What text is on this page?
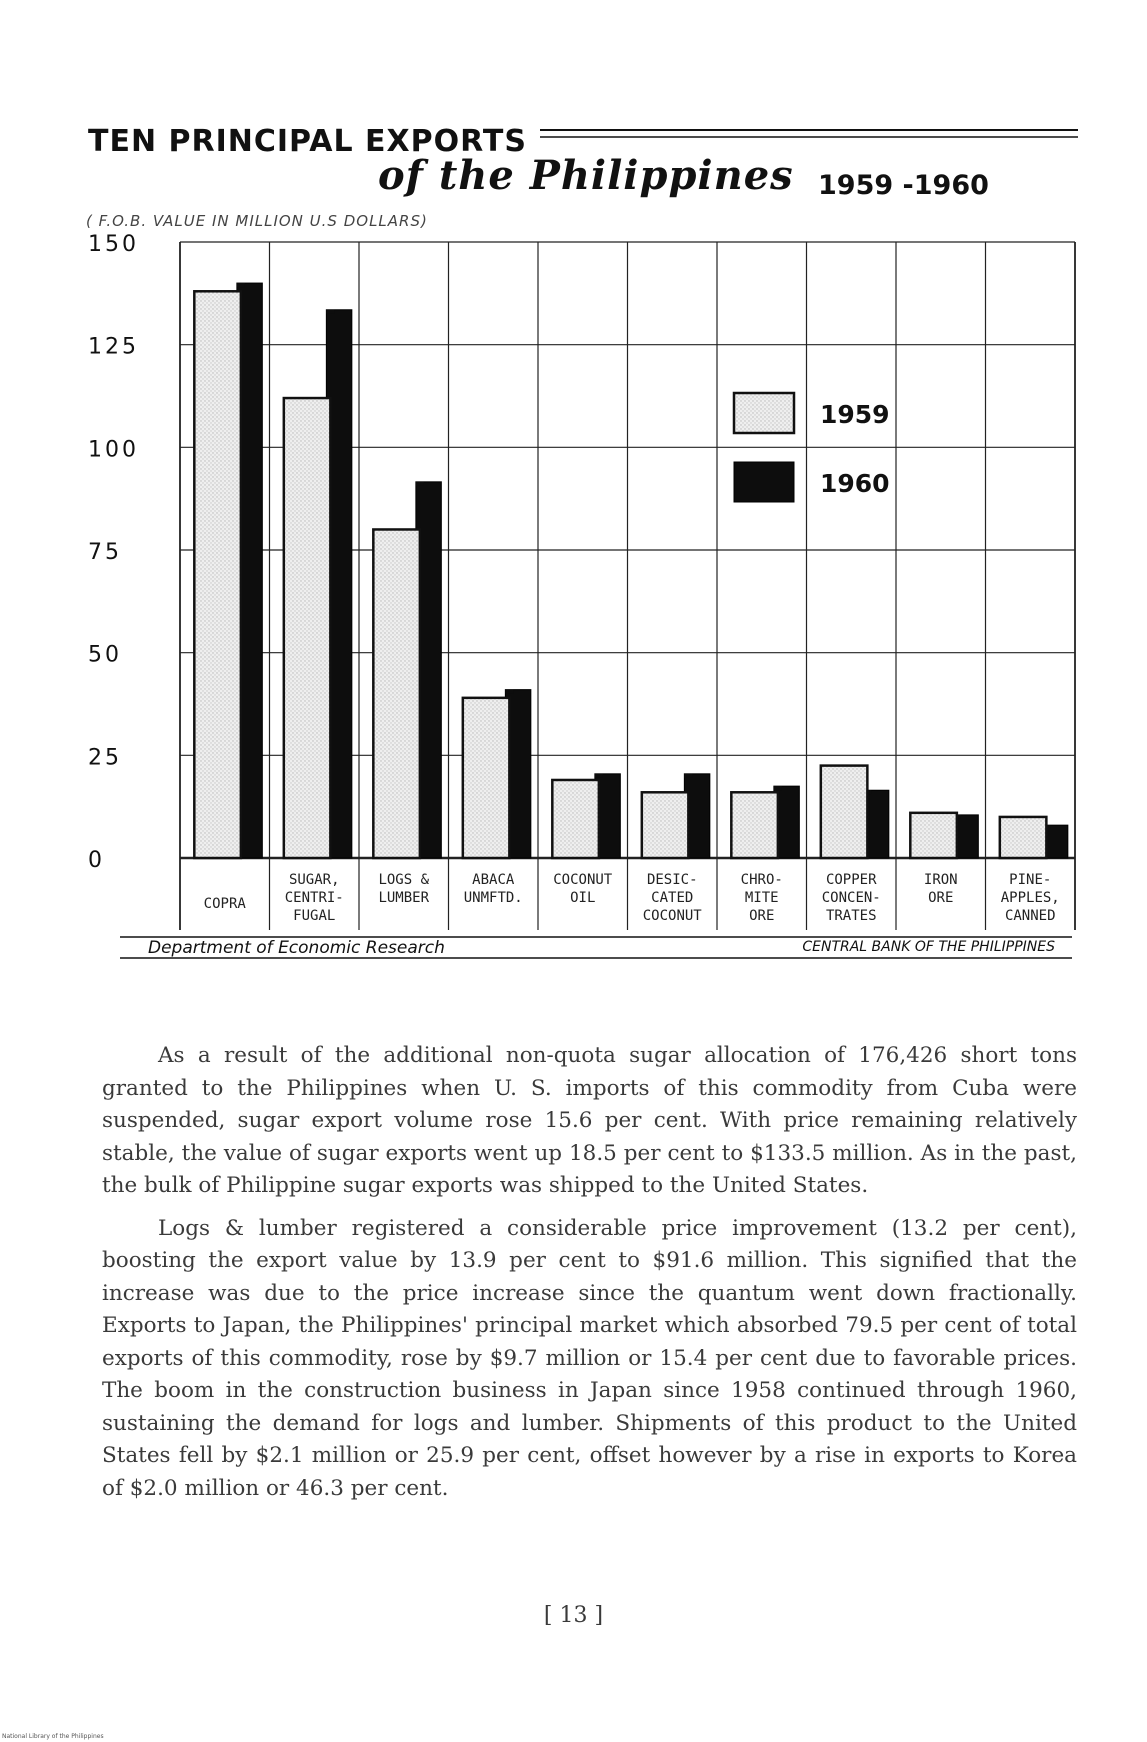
TEN PRINCIPAL EXPORTS
of the Philippines 1959 -1960
( F.O.B. VALUE IN MILLION U.S DOLLARS)
0
25
50
75
100
125
150
COPRA
SUGAR,
CENTRI-
FUGAL
LOGS &
LUMBER
ABACA
UNMFTD.
COCONUT
OIL
DESIC-
CATED
COCONUT
CHRO-
MITE
ORE
COPPER
CONCEN-
TRATES
IRON
ORE
PINE-
APPLES,
CANNED
1959
1960
Department of Economic Research	CENTRAL BANK OF THE PHILIPPINES

As a result of the additional non-quota sugar allocation of 176,426 short tons granted to the Philippines when U. S. imports of this commodity from Cuba were suspended, sugar export volume rose 15.6 per cent. With price remaining relatively stable, the value of sugar exports went up 18.5 per cent to $133.5 million. As in the past, the bulk of Philippine sugar exports was shipped to the United States.

Logs & lumber registered a considerable price improvement (13.2 per cent), boosting the export value by 13.9 per cent to $91.6 million. This signified that the increase was due to the price increase since the quantum went down fractionally. Exports to Japan, the Philippines' principal market which absorbed 79.5 per cent of total exports of this commodity, rose by $9.7 million or 15.4 per cent due to favorable prices. The boom in the construction business in Japan since 1958 continued through 1960, sustaining the demand for logs and lumber. Shipments of this product to the United States fell by $2.1 million or 25.9 per cent, offset however by a rise in exports to Korea of $2.0 million or 46.3 per cent.

[ 13 ]
National Library of the Philippines
